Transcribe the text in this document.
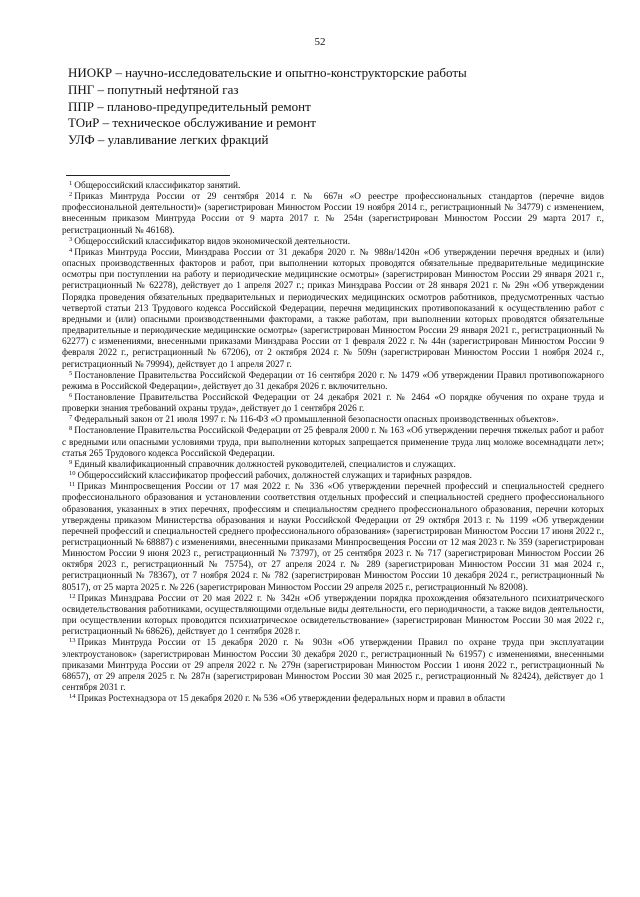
52
НИОКР – научно-исследовательские и опытно-конструкторские работы
ПНГ – попутный нефтяной газ
ППР – планово-предупредительный ремонт
ТОиР – техническое обслуживание и ремонт
УЛФ – улавливание легких фракций

$^1$ Общероссийский классификатор занятий.

$^2$ Приказ Минтруда России от 29 сентября 2014 г. № 667н «О реестре профессиональных стандартов (перечне видов профессиональной деятельности)» (зарегистрирован Минюстом России 19 ноября 2014 г., регистрационный № 34779) с изменением, внесенным приказом Минтруда России от 9 марта 2017 г. № 254н (зарегистрирован Минюстом России 29 марта 2017 г., регистрационный № 46168).

$^3$ Общероссийский классификатор видов экономической деятельности.

$^4$ Приказ Минтруда России, Минздрава России от 31 декабря 2020 г. № 988н/1420н «Об утверждении перечня вредных и (или) опасных производственных факторов и работ, при выполнении которых проводятся обязательные предварительные медицинские осмотры при поступлении на работу и периодические медицинские осмотры» (зарегистрирован Минюстом России 29 января 2021 г., регистрационный № 62278), действует до 1 апреля 2027 г.; приказ Минздрава России от 28 января 2021 г. № 29н «Об утверждении Порядка проведения обязательных предварительных и периодических медицинских осмотров работников, предусмотренных частью четвертой статьи 213 Трудового кодекса Российской Федерации, перечня медицинских противопоказаний к осуществлению работ с вредными и (или) опасными производственными факторами, а также работам, при выполнении которых проводятся обязательные предварительные и периодические медицинские осмотры» (зарегистрирован Минюстом России 29 января 2021 г., регистрационный № 62277) с изменениями, внесенными приказами Минздрава России от 1 февраля 2022 г. № 44н (зарегистрирован Минюстом России 9 февраля 2022 г., регистрационный № 67206), от 2 октября 2024 г. № 509н (зарегистрирован Минюстом России 1 ноября 2024 г., регистрационный № 79994), действует до 1 апреля 2027 г.

$^5$ Постановление Правительства Российской Федерации от 16 сентября 2020 г. № 1479 «Об утверждении Правил противопожарного режима в Российской Федерации», действует до 31 декабря 2026 г. включительно.

$^6$ Постановление Правительства Российской Федерации от 24 декабря 2021 г. № 2464 «О порядке обучения по охране труда и проверки знания требований охраны труда», действует до 1 сентября 2026 г.

$^7$ Федеральный закон от 21 июля 1997 г. № 116-ФЗ «О промышленной безопасности опасных производственных объектов».

$^8$ Постановление Правительства Российской Федерации от 25 февраля 2000 г. № 163 «Об утверждении перечня тяжелых работ и работ с вредными или опасными условиями труда, при выполнении которых запрещается применение труда лиц моложе восемнадцати лет»; статья 265 Трудового кодекса Российской Федерации.

$^9$ Единый квалификационный справочник должностей руководителей, специалистов и служащих.

$^{10}$ Общероссийский классификатор профессий рабочих, должностей служащих и тарифных разрядов.

$^{11}$ Приказ Минпросвещения России от 17 мая 2022 г. № 336 «Об утверждении перечней профессий и специальностей среднего профессионального образования и установлении соответствия отдельных профессий и специальностей среднего профессионального образования, указанных в этих перечнях, профессиям и специальностям среднего профессионального образования, перечни которых утверждены приказом Министерства образования и науки Российской Федерации от 29 октября 2013 г. № 1199 «Об утверждении перечней профессий и специальностей среднего профессионального образования» (зарегистрирован Минюстом России 17 июня 2022 г., регистрационный № 68887) с изменениями, внесенными приказами Минпросвещения России от 12 мая 2023 г. № 359 (зарегистрирован Минюстом России 9 июня 2023 г., регистрационный № 73797), от 25 сентября 2023 г. № 717 (зарегистрирован Минюстом России 26 октября 2023 г., регистрационный № 75754), от 27 апреля 2024 г. № 289 (зарегистрирован Минюстом России 31 мая 2024 г., регистрационный № 78367), от 7 ноября 2024 г. № 782 (зарегистрирован Минюстом России 10 декабря 2024 г., регистрационный № 80517), от 25 марта 2025 г. № 226 (зарегистрирован Минюстом России 29 апреля 2025 г., регистрационный № 82008).

$^{12}$ Приказ Минздрава России от 20 мая 2022 г. № 342н «Об утверждении порядка прохождения обязательного психиатрического освидетельствования работниками, осуществляющими отдельные виды деятельности, его периодичности, а также видов деятельности, при осуществлении которых проводится психиатрическое освидетельствование» (зарегистрирован Минюстом России 30 мая 2022 г., регистрационный № 68626), действует до 1 сентября 2028 г.

$^{13}$ Приказ Минтруда России от 15 декабря 2020 г. № 903н «Об утверждении Правил по охране труда при эксплуатации электроустановок» (зарегистрирован Минюстом России 30 декабря 2020 г., регистрационный № 61957) с изменениями, внесенными приказами Минтруда России от 29 апреля 2022 г. № 279н (зарегистрирован Минюстом России 1 июня 2022 г., регистрационный № 68657), от 29 апреля 2025 г. № 287н (зарегистрирован Минюстом России 30 мая 2025 г., регистрационный № 82424), действует до 1 сентября 2031 г.

$^{14}$ Приказ Ростехнадзора от 15 декабря 2020 г. № 536 «Об утверждении федеральных норм и правил в области
